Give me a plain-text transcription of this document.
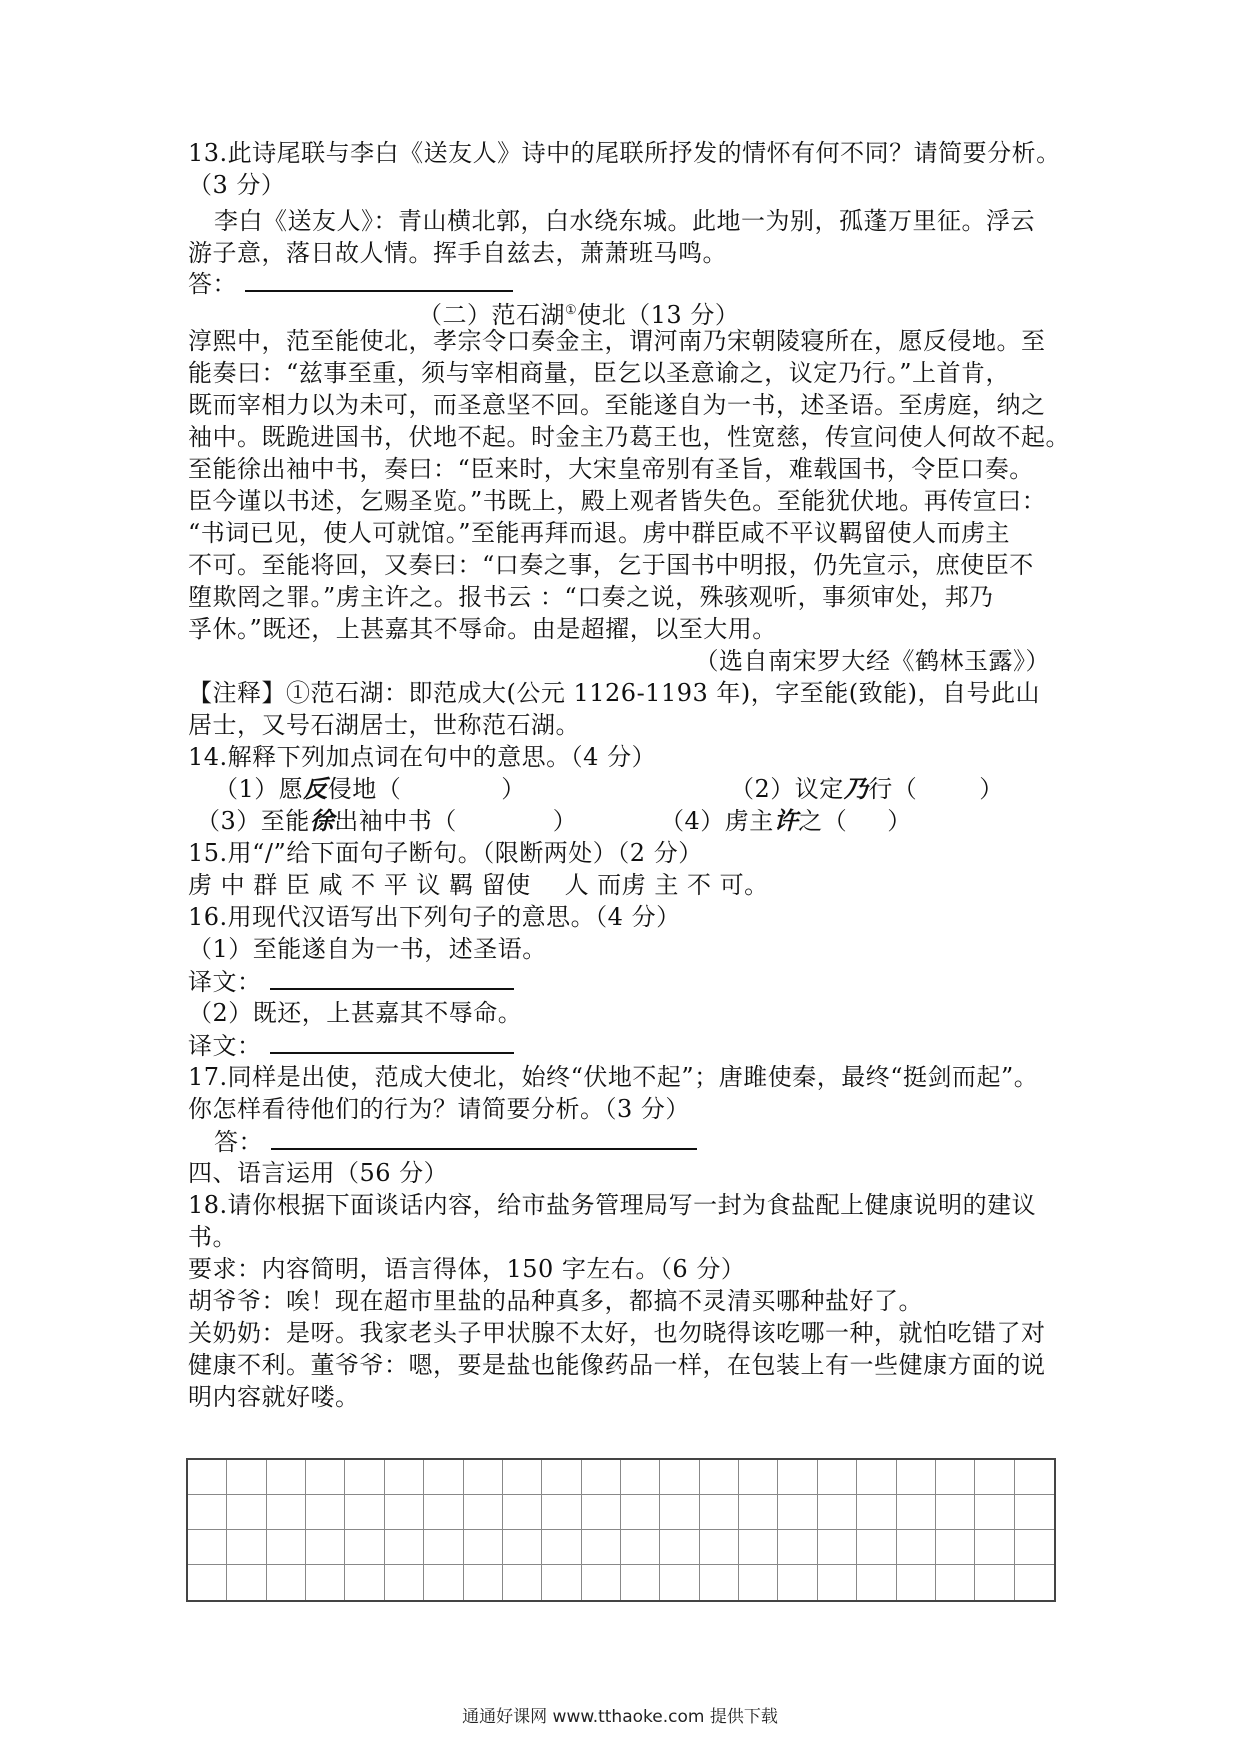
13.此诗尾联与李白《送友人》诗中的尾联所抒发的情怀有何不同？请简要分析。
（3 分）
李白《送友人》：青山横北郭，白水绕东城。此地一为别，孤蓬万里征。浮云
游子意，落日故人情。挥手自兹去，萧萧班马鸣。
答：
（二）范石湖①使北（13 分）
淳熙中，范至能使北，孝宗令口奏金主，谓河南乃宋朝陵寝所在，愿反侵地。至
能奏曰：“兹事至重，须与宰相商量，臣乞以圣意谕之，议定乃行。”上首肯，
既而宰相力以为未可，而圣意坚不回。至能遂自为一书，述圣语。至虏庭，纳之
袖中。既跪进国书，伏地不起。时金主乃葛王也，性宽慈，传宣问使人何故不起。
至能徐出袖中书，奏曰：“臣来时，大宋皇帝别有圣旨，难载国书，令臣口奏。
臣今谨以书述，乞赐圣览。”书既上，殿上观者皆失色。至能犹伏地。再传宣曰：
“书词已见，使人可就馆。”至能再拜而退。虏中群臣咸不平议羁留使人而虏主
不可。至能将回，又奏曰：“口奏之事，乞于国书中明报，仍先宣示，庶使臣不
堕欺罔之罪。”虏主许之。报书云 ：“口奏之说，殊骇观听，事须审处，邦乃
孚休。”既还，上甚嘉其不辱命。由是超擢，以至大用。
（选自南宋罗大经《鹤林玉露》）
【注释】①范石湖：即范成大(公元 1126-1193 年)，字至能(致能)，自号此山
居士，又号石湖居士，世称范石湖。
14.解释下列加点词在句中的意思。（4 分）
（1）愿反侵地（	）	（2）议定乃行（	）
（3）至能徐出袖中书（	）	（4）虏主许之（ ）
15.用“/”给下面句子断句。（限断两处）（2 分）
虏 中 群 臣 咸 不 平 议 羁 留使 人 而虏 主 不 可。
16.用现代汉语写出下列句子的意思。（4 分）
（1）至能遂自为一书，述圣语。
译文：
（2）既还，上甚嘉其不辱命。
译文：
17.同样是出使，范成大使北，始终“伏地不起”；唐雎使秦，最终“挺剑而起”。
你怎样看待他们的行为？请简要分析。（3 分）
答：
四、语言运用（56 分）
18.请你根据下面谈话内容，给市盐务管理局写一封为食盐配上健康说明的建议
书。
要求：内容简明，语言得体，150 字左右。（6 分）
胡爷爷：唉！现在超市里盐的品种真多，都搞不灵清买哪种盐好了。
关奶奶：是呀。我家老头子甲状腺不太好，也勿晓得该吃哪一种，就怕吃错了对
健康不利。董爷爷：嗯，要是盐也能像药品一样，在包装上有一些健康方面的说
明内容就好喽。
通通好课网 www.tthaoke.com 提供下载
